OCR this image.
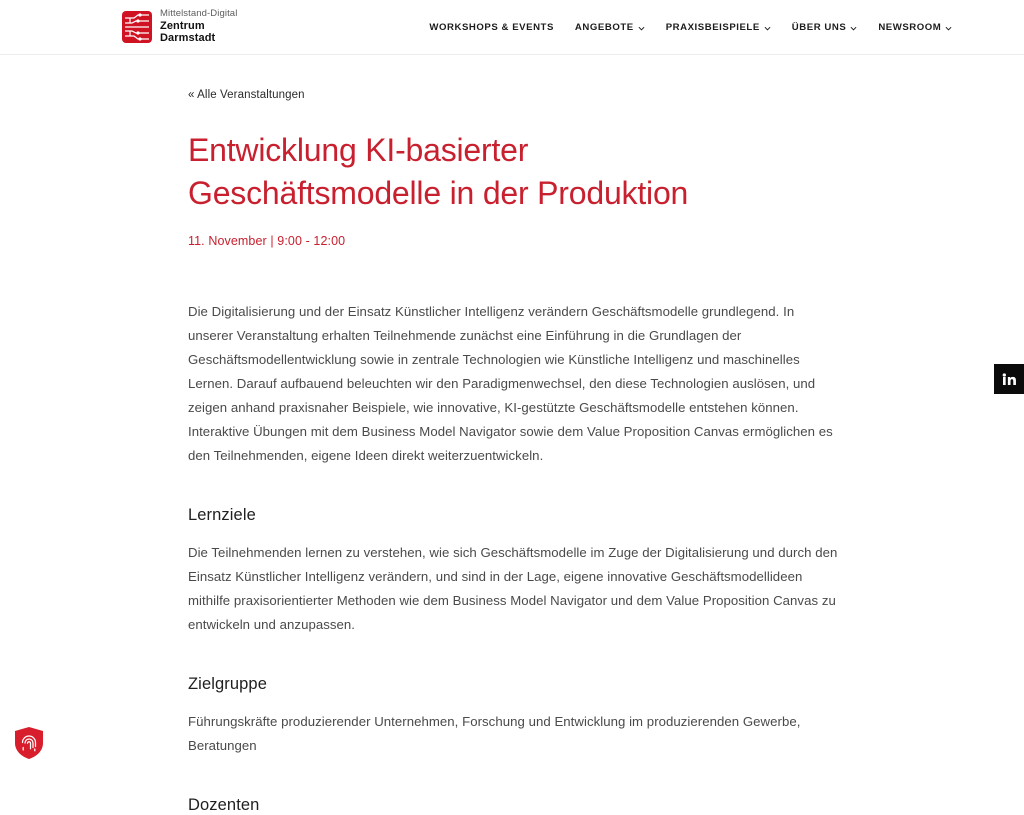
Mittelstand-Digital
Zentrum
Darmstadt
WORKSHOPS & EVENTS ANGEBOTE	PRAXISBEISPIELE	ÜBER UNS	NEWSROOM
« Alle Veranstaltungen
Entwicklung KI-basierter Geschäftsmodelle in der Produktion
11. November | 9:00 - 12:00

Die Digitalisierung und der Einsatz Künstlicher Intelligenz verändern Geschäftsmodelle grundlegend. In unserer Veranstaltung erhalten Teilnehmende zunächst eine Einführung in die Grundlagen der Geschäftsmodellentwicklung sowie in zentrale Technologien wie Künstliche Intelligenz und maschinelles Lernen. Darauf aufbauend beleuchten wir den Paradigmenwechsel, den diese Technologien auslösen, und zeigen anhand praxisnaher Beispiele, wie innovative, KI-gestützte Geschäftsmodelle entstehen können. Interaktive Übungen mit dem Business Model Navigator sowie dem Value Proposition Canvas ermöglichen es den Teilnehmenden, eigene Ideen direkt weiterzuentwickeln.

Lernziele

Die Teilnehmenden lernen zu verstehen, wie sich Geschäftsmodelle im Zuge der Digitalisierung und durch den Einsatz Künstlicher Intelligenz verändern, und sind in der Lage, eigene innovative Geschäftsmodellideen mithilfe praxisorientierter Methoden wie dem Business Model Navigator und dem Value Proposition Canvas zu entwickeln und anzupassen.

Zielgruppe

Führungskräfte produzierender Unternehmen, Forschung und Entwicklung im produzierenden Gewerbe, Beratungen

Dozenten
